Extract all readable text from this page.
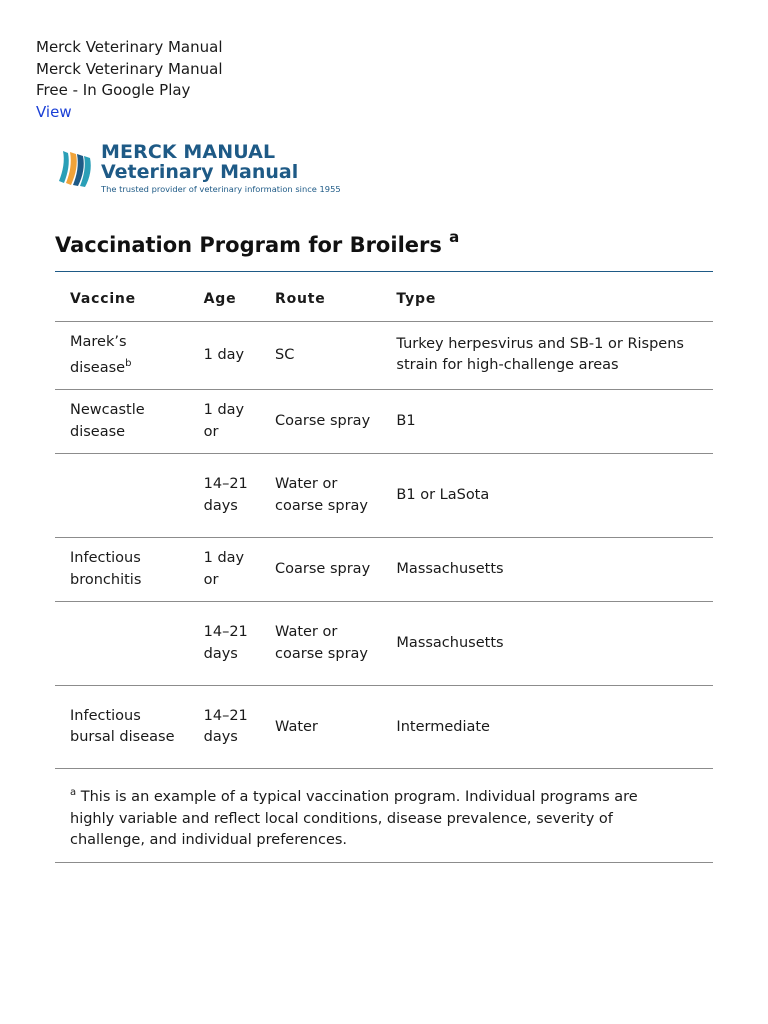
Merck Veterinary Manual
Merck Veterinary Manual
Free - In Google Play
View
MERCK MANUAL
Veterinary Manual
The trusted provider of veterinary information since 1955
Vaccination Program for Broilers $^a$
Vaccine	Age	Route	Type
Marek’s disease$^b$	1 day	SC	Turkey herpesvirus and SB-1 or Rispens strain for high-challenge areas
Newcastle disease	1 day or	Coarse spray	B1
	14–21 days	Water or coarse spray	B1 or LaSota
Infectious bronchitis	1 day or	Coarse spray	Massachusetts
	14–21 days	Water or coarse spray	Massachusetts
Infectious bursal disease	14–21 days	Water	Intermediate
$^a$ This is an example of a typical vaccination program. Individual programs are highly variable and reflect local conditions, disease prevalence, severity of challenge, and individual preferences.			
